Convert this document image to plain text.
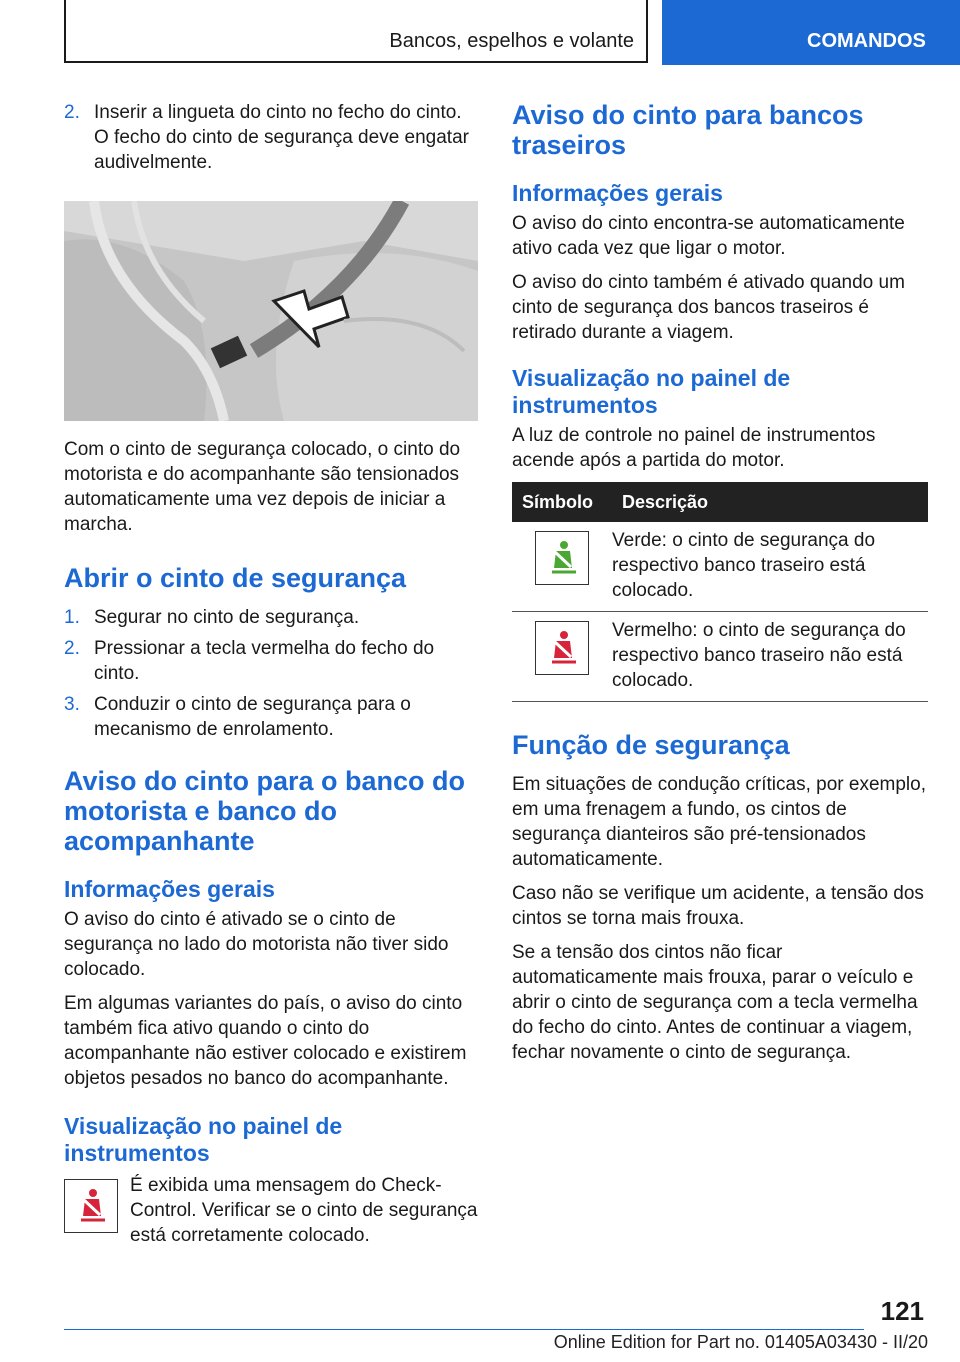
Bancos, espelhos e volante	COMANDOS
2. Inserir a lingueta do cinto no fecho do cinto. O fecho do cinto de segurança deve engatar audivelmente.

Com o cinto de segurança colocado, o cinto do motorista e do acompanhante são tensionados automaticamente uma vez depois de iniciar a marcha.

Abrir o cinto de segurança
1. Segurar no cinto de segurança.
2. Pressionar a tecla vermelha do fecho do cinto.
3. Conduzir o cinto de segurança para o mecanismo de enrolamento.
Aviso do cinto para o banco do motorista e banco do acompanhante
Informações gerais

O aviso do cinto é ativado se o cinto de segurança no lado do motorista não tiver sido colocado.

Em algumas variantes do país, o aviso do cinto também fica ativo quando o cinto do acompanhante não estiver colocado e existirem objetos pesados no banco do acompanhante.

Visualização no painel de instrumentos

É exibida uma mensagem do Check-Control. Verificar se o cinto de segurança está corretamente colocado.

Aviso do cinto para bancos traseiros
Informações gerais

O aviso do cinto encontra-se automaticamente ativo cada vez que ligar o motor.

O aviso do cinto também é ativado quando um cinto de segurança dos bancos traseiros é retirado durante a viagem.

Visualização no painel de instrumentos

A luz de controle no painel de instrumentos acende após a partida do motor.

Símbolo	Descrição
Verde: o cinto de segurança do respectivo banco traseiro está colocado.
Vermelho: o cinto de segurança do respectivo banco traseiro não está colocado.
Função de segurança

Em situações de condução críticas, por exemplo, em uma frenagem a fundo, os cintos de segurança dianteiros são pré-tensionados automaticamente.

Caso não se verifique um acidente, a tensão dos cintos se torna mais frouxa.

Se a tensão dos cintos não ficar automaticamente mais frouxa, parar o veículo e abrir o cinto de segurança com a tecla vermelha do fecho do cinto. Antes de continuar a viagem, fechar novamente o cinto de segurança.

121
Online Edition for Part no. 01405A03430 - II/20
